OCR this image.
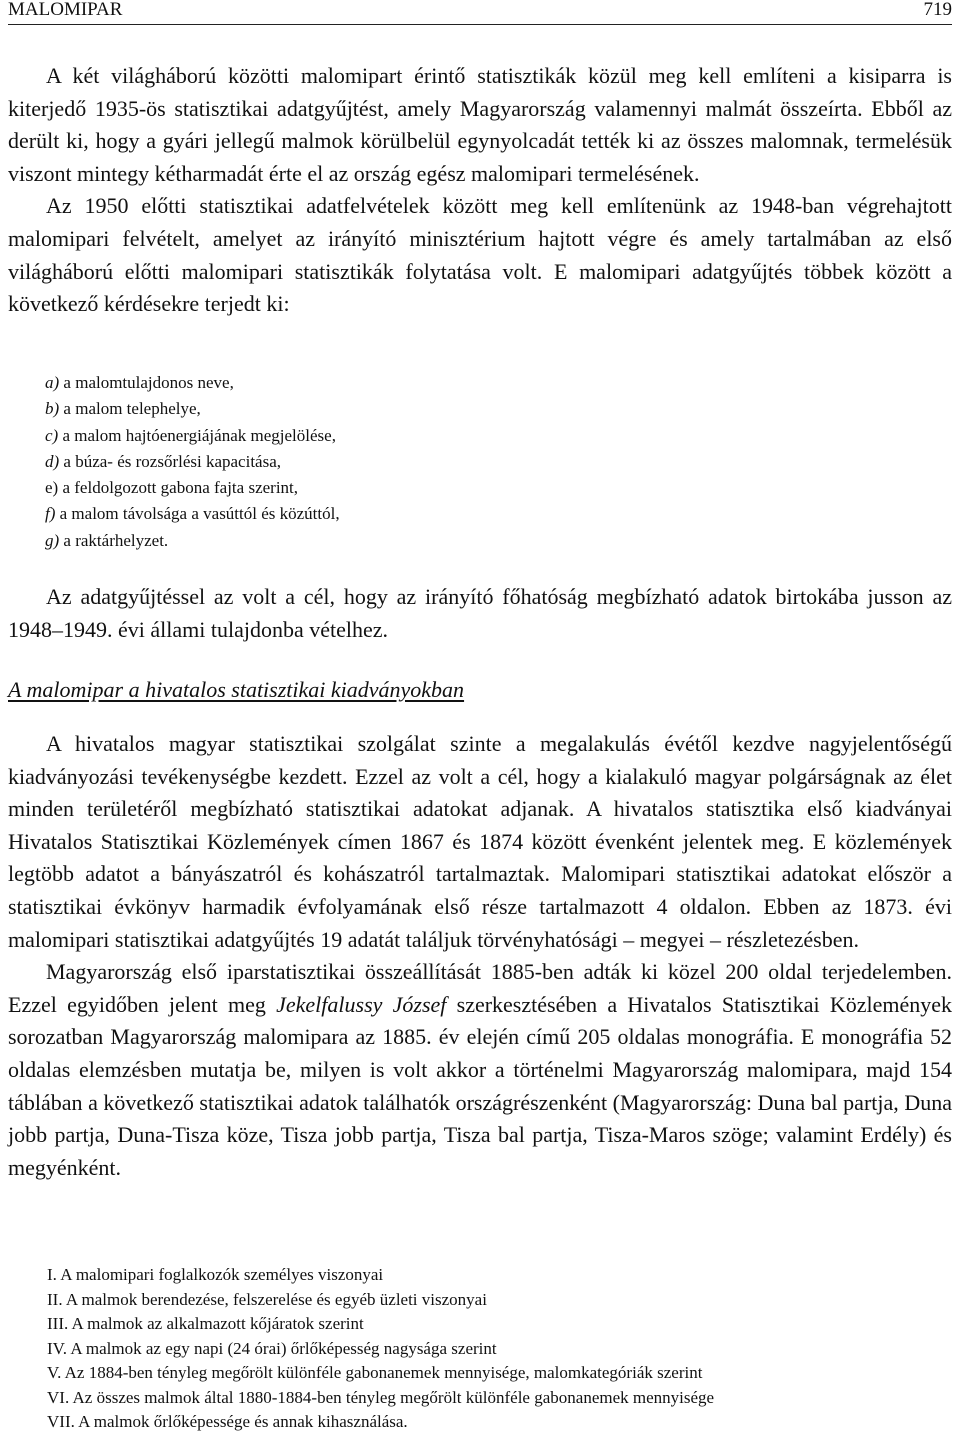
MALOMIPAR	719

A két világháború közötti malomipart érintő statisztikák közül meg kell említeni a kisiparra is kiterjedő 1935-ös statisztikai adatgyűjtést, amely Magyarország valamennyi malmát összeírta. Ebből az derült ki, hogy a gyári jellegű malmok körülbelül egynyolcadát tették ki az összes malomnak, termelésük viszont mintegy kétharmadát érte el az ország egész malomipari termelésének.

Az 1950 előtti statisztikai adatfelvételek között meg kell említenünk az 1948-ban végrehajtott malomipari felvételt, amelyet az irányító minisztérium hajtott végre és amely tartalmában az első világháború előtti malomipari statisztikák folytatása volt. E malomipari adatgyűjtés többek között a következő kérdésekre terjedt ki:

a) a malomtulajdonos neve,
b) a malom telephelye,
c) a malom hajtóenergiájának megjelölése,
d) a búza- és rozsőrlési kapacitása,
e) a feldolgozott gabona fajta szerint,
f) a malom távolsága a vasúttól és közúttól,
g) a raktárhelyzet.

Az adatgyűjtéssel az volt a cél, hogy az irányító főhatóság megbízható adatok birtokába jusson az 1948–1949. évi állami tulajdonba vételhez.

A malomipar a hivatalos statisztikai kiadványokban

A hivatalos magyar statisztikai szolgálat szinte a megalakulás évétől kezdve nagyjelentőségű kiadványozási tevékenységbe kezdett. Ezzel az volt a cél, hogy a kialakuló magyar polgárságnak az élet minden területéről megbízható statisztikai adatokat adjanak. A hivatalos statisztika első kiadványai Hivatalos Statisztikai Közlemények címen 1867 és 1874 között évenként jelentek meg. E közlemények legtöbb adatot a bányászatról és kohászatról tartalmaztak. Malomipari statisztikai adatokat először a statisztikai évkönyv harmadik évfolyamának első része tartalmazott 4 oldalon. Ebben az 1873. évi malomipari statisztikai adatgyűjtés 19 adatát találjuk törvényhatósági – megyei – részletezésben.

Magyarország első iparstatisztikai összeállítását 1885-ben adták ki közel 200 oldal terjedelemben. Ezzel egyidőben jelent meg Jekelfalussy József szerkesztésében a Hivatalos Statisztikai Közlemények sorozatban Magyarország malomipara az 1885. év elején című 205 oldalas monográfia. E monográfia 52 oldalas elemzésben mutatja be, milyen is volt akkor a történelmi Magyarország malomipara, majd 154 táblában a következő statisztikai adatok találhatók országrészenként (Magyarország: Duna bal partja, Duna jobb partja, Duna-Tisza köze, Tisza jobb partja, Tisza bal partja, Tisza-Maros szöge; valamint Erdély) és megyénként.

I. A malomipari foglalkozók személyes viszonyai
II. A malmok berendezése, felszerelése és egyéb üzleti viszonyai
III. A malmok az alkalmazott kőjáratok szerint
IV. A malmok az egy napi (24 órai) őrlőképesség nagysága szerint
V. Az 1884-ben tényleg megőrölt különféle gabonanemek mennyisége, malomkategóriák szerint
VI. Az összes malmok által 1880-1884-ben tényleg megőrölt különféle gabonanemek mennyisége
VII. A malmok őrlőképessége és annak kihasználása.
